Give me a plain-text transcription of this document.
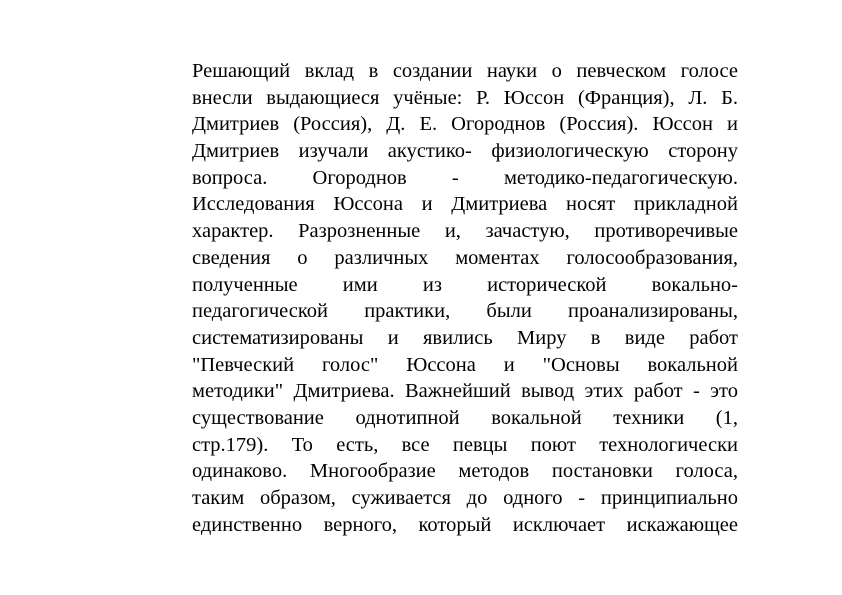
Решающий вклад в создании науки о певческом голосе
внесли выдающиеся учёные: Р. Юссон (Франция), Л. Б.
Дмитриев (Россия), Д. Е. Огороднов (Россия). Юссон и
Дмитриев изучали акустико- физиологическую сторону
вопроса. Огороднов - методико-педагогическую.
Исследования Юссона и Дмитриева носят прикладной
характер. Разрозненные и, зачастую, противоречивые
сведения о различных моментах голосообразования,
полученные ими из исторической вокально-
педагогической практики, были проанализированы,
систематизированы и явились Миру в виде работ
"Певческий голос" Юссона и "Основы вокальной
методики" Дмитриева. Важнейший вывод этих работ - это
существование однотипной вокальной техники (1,
стр.179). То есть, все певцы поют технологически
одинаково. Многообразие методов постановки голоса,
таким образом, суживается до одного - принципиально
единственно верного, который исключает искажающее
